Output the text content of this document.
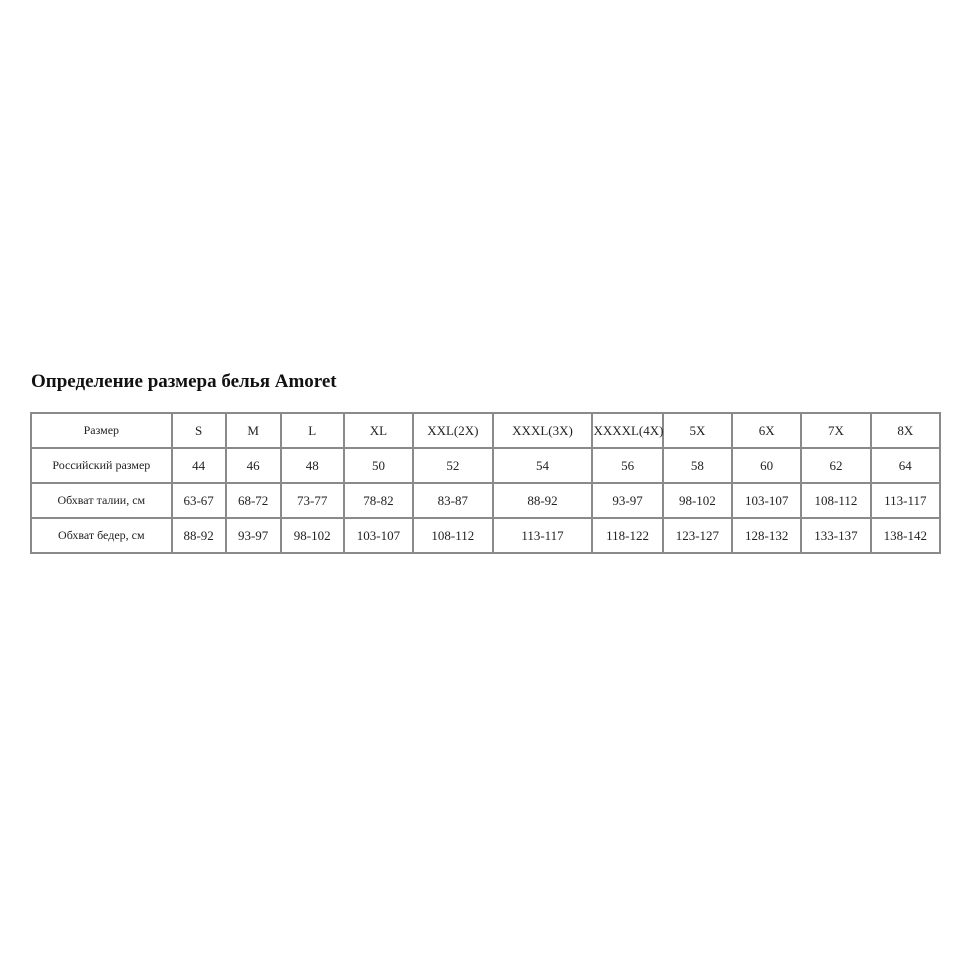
Определение размера белья Amoret
Размер	S	M	L	XL	XXL(2X)	XXXL(3X)	XXXXL(4X)	5X	6X	7X	8X
Российский размер	44	46	48	50	52	54	56	58	60	62	64
Обхват талии, см	63-67	68-72	73-77	78-82	83-87	88-92	93-97	98-102	103-107	108-112	113-117
Обхват бедер, см	88-92	93-97	98-102	103-107	108-112	113-117	118-122	123-127	128-132	133-137	138-142
